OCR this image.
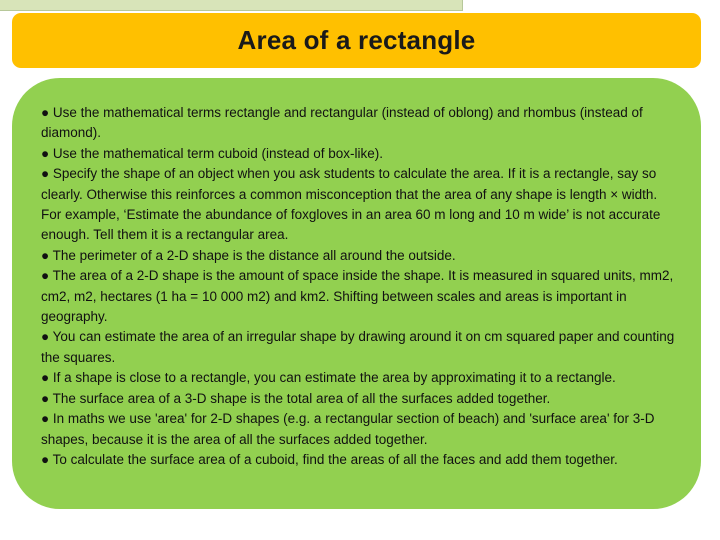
Area of a rectangle
● Use the mathematical terms rectangle and rectangular (instead of oblong) and rhombus (instead of diamond).
● Use the mathematical term cuboid (instead of box-like).
● Specify the shape of an object when you ask students to calculate the area. If it is a rectangle, say so clearly. Otherwise this reinforces a common misconception that the area of any shape is length × width. For example, ‘Estimate the abundance of foxgloves in an area 60 m long and 10 m wide’ is not accurate enough. Tell them it is a rectangular area.
● The perimeter of a 2-D shape is the distance all around the outside.
● The area of a 2-D shape is the amount of space inside the shape. It is measured in squared units, mm2, cm2, m2, hectares (1 ha = 10 000 m2) and km2. Shifting between scales and areas is important in geography.
● You can estimate the area of an irregular shape by drawing around it on cm squared paper and counting the squares.
● If a shape is close to a rectangle, you can estimate the area by approximating it to a rectangle.
● The surface area of a 3-D shape is the total area of all the surfaces added together.
● In maths we use 'area' for 2-D shapes (e.g. a rectangular section of beach) and 'surface area' for 3-D shapes, because it is the area of all the surfaces added together.
● To calculate the surface area of a cuboid, find the areas of all the faces and add them together.
